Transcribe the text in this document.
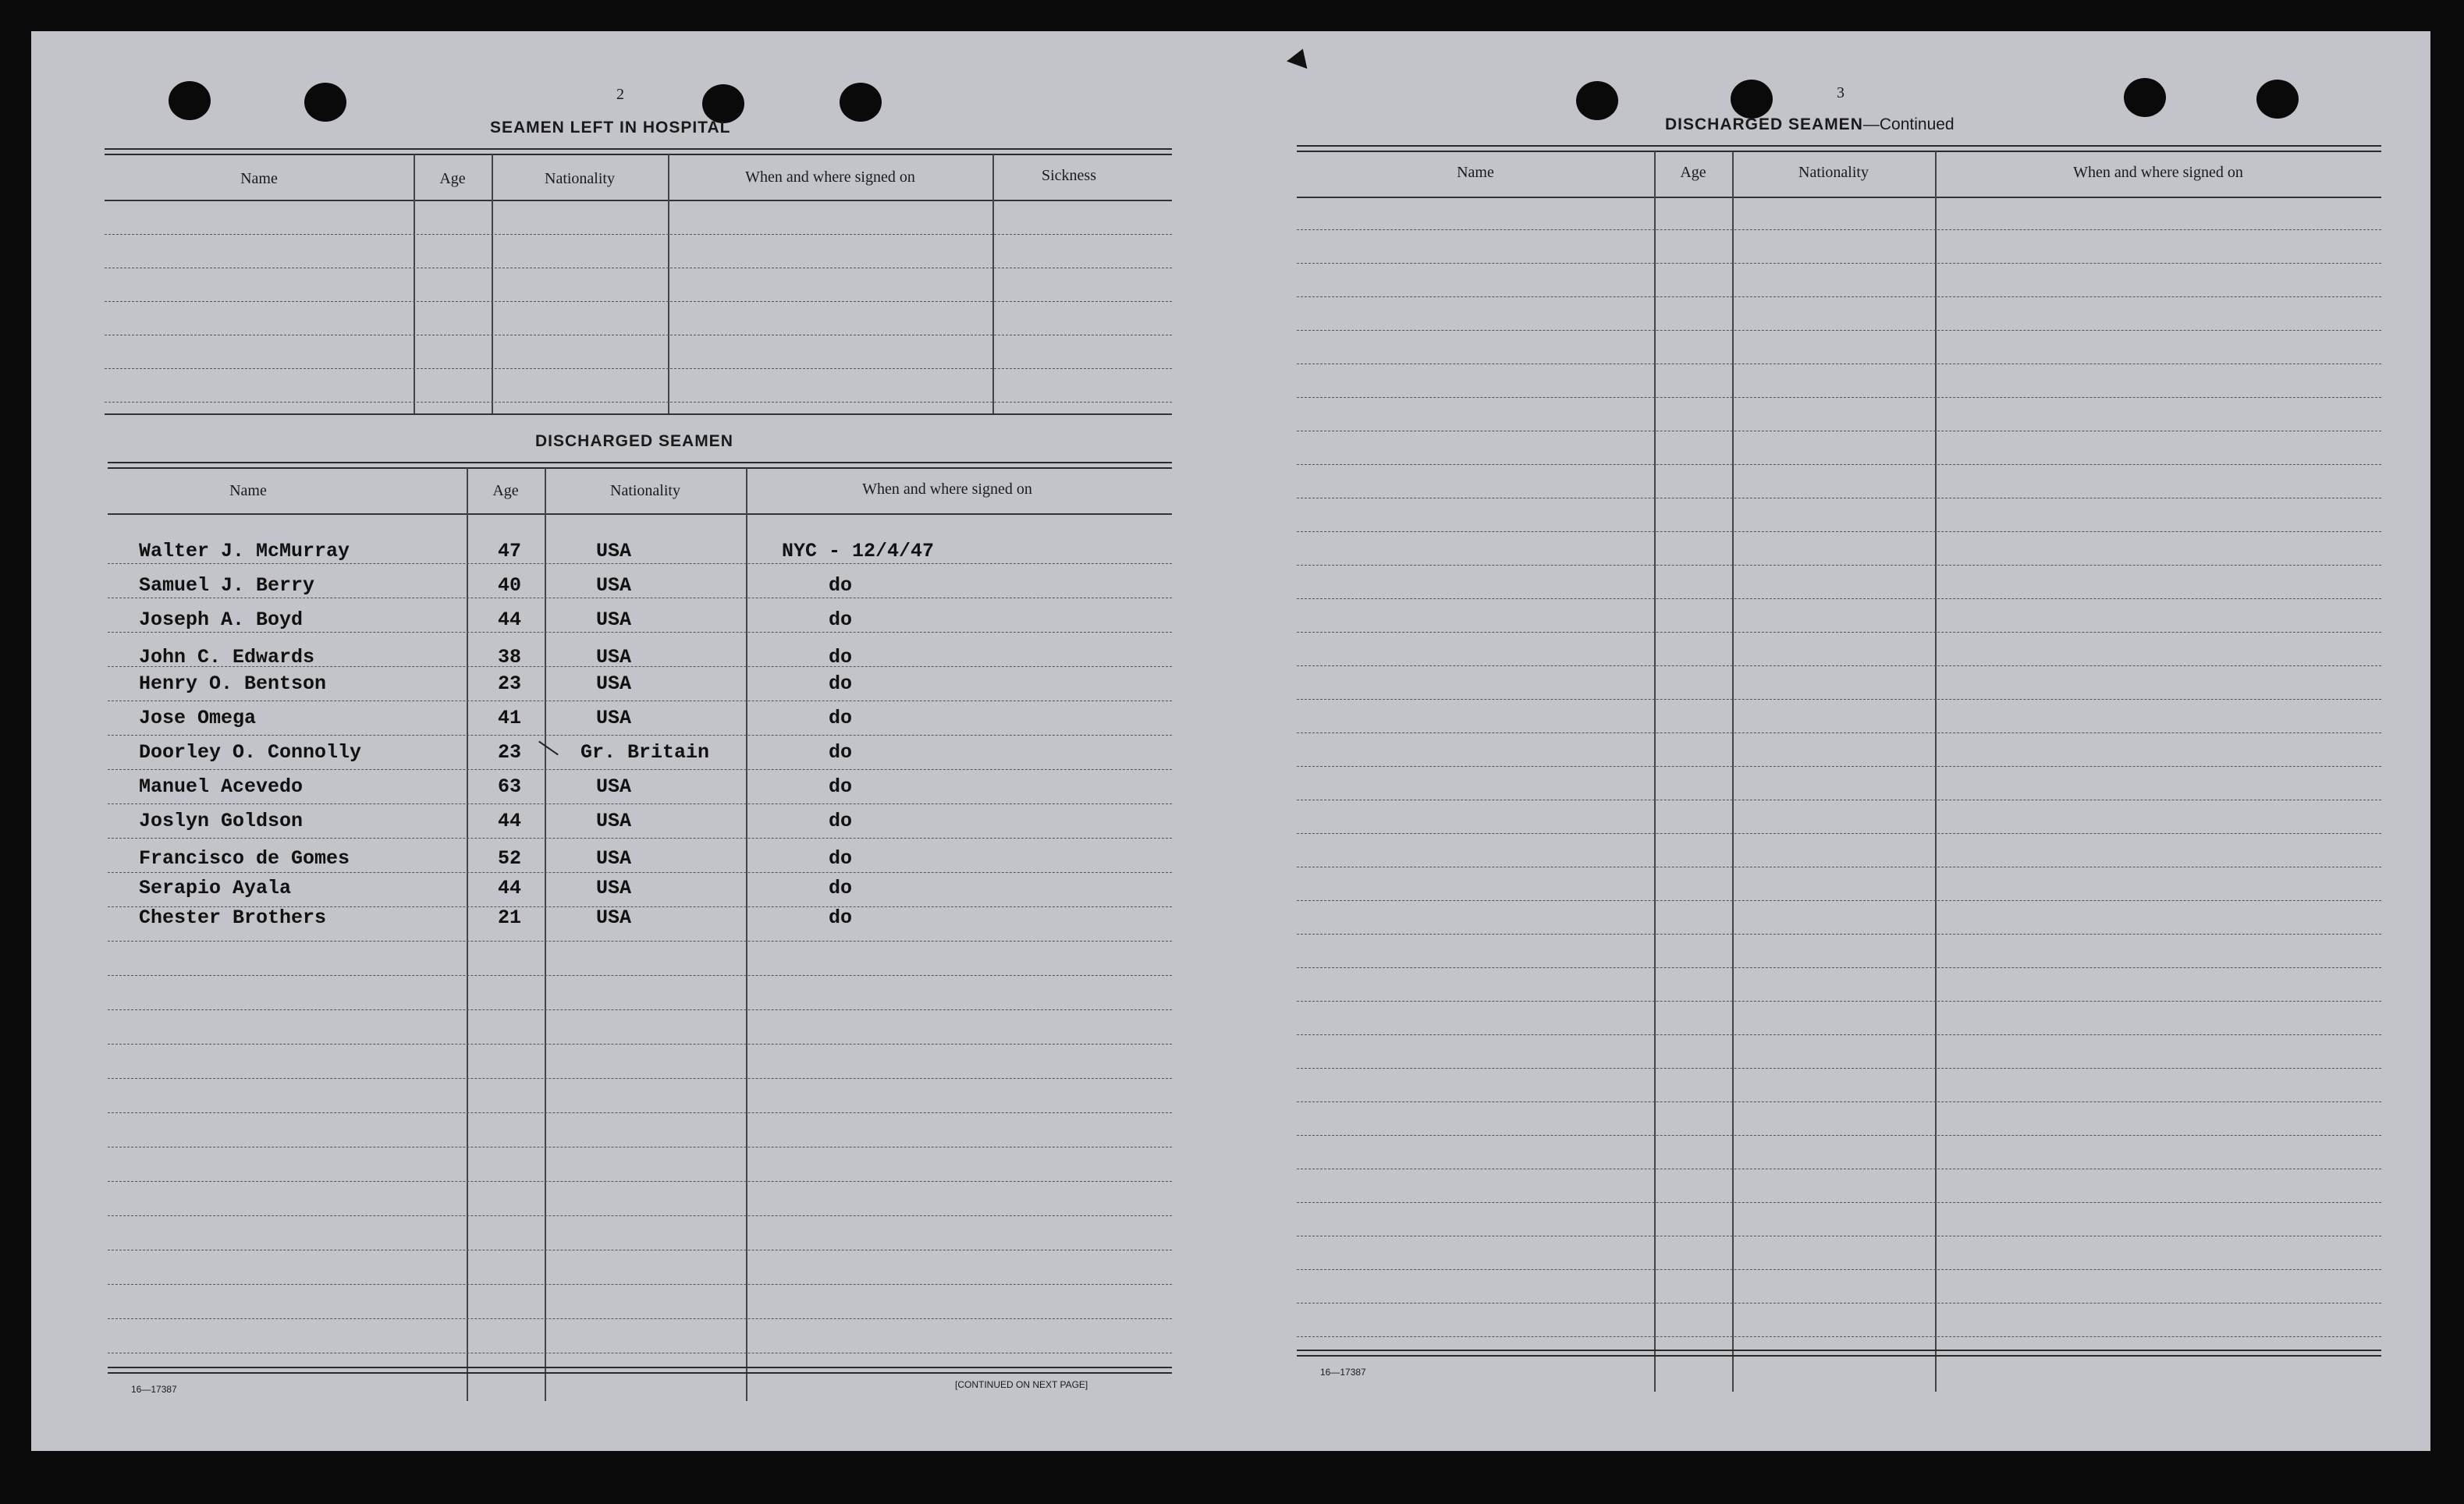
2
SEAMEN LEFT IN HOSPITAL
Name	Age	Nationality	When and where signed on	Sickness
DISCHARGED SEAMEN
Name	Age	Nationality	When and where signed on
Walter J. McMurray	47	USA	NYC - 12/4/47
Samuel J. Berry	40	USA	do
Joseph A. Boyd	44	USA	do
John C. Edwards	38	USA	do
Henry O. Bentson	23	USA	do
Jose Omega	41	USA	do
Doorley O. Connolly	23	Gr. Britain	do
Manuel Acevedo	63	USA	do
Joslyn Goldson	44	USA	do
Francisco de Gomes	52	USA	do
Serapio Ayala	44	USA	do
Chester Brothers	21	USA	do
16—17387	[CONTINUED ON NEXT PAGE]
3
DISCHARGED SEAMEN—Continued
Name	Age	Nationality	When and where signed on
16—17387
